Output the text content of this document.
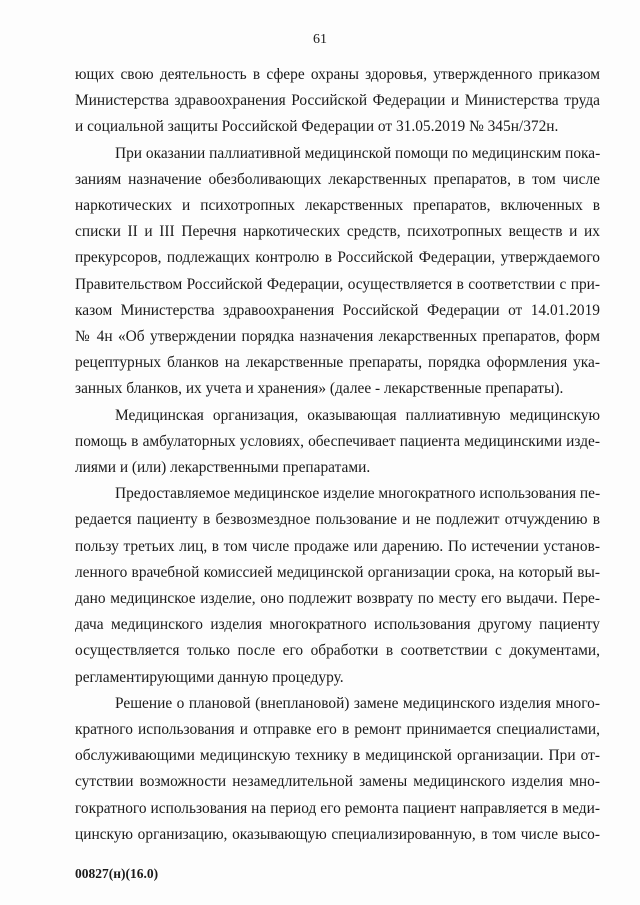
61
ющих свою деятельность в сфере охраны здоровья, утвержденного приказом
Министерства здравоохранения Российской Федерации и Министерства труда
и социальной защиты Российской Федерации от 31.05.2019 № 345н/372н.
При оказании паллиативной медицинской помощи по медицинским пока-
заниям назначение обезболивающих лекарственных препаратов, в том числе
наркотических и психотропных лекарственных препаратов, включенных в
списки II и III Перечня наркотических средств, психотропных веществ и их
прекурсоров, подлежащих контролю в Российской Федерации, утверждаемого
Правительством Российской Федерации, осуществляется в соответствии с при-
казом Министерства здравоохранения Российской Федерации от 14.01.2019
№ 4н «Об утверждении порядка назначения лекарственных препаратов, форм
рецептурных бланков на лекарственные препараты, порядка оформления ука-
занных бланков, их учета и хранения» (далее - лекарственные препараты).
Медицинская организация, оказывающая паллиативную медицинскую
помощь в амбулаторных условиях, обеспечивает пациента медицинскими изде-
лиями и (или) лекарственными препаратами.
Предоставляемое медицинское изделие многократного использования пе-
редается пациенту в безвозмездное пользование и не подлежит отчуждению в
пользу третьих лиц, в том числе продаже или дарению. По истечении установ-
ленного врачебной комиссией медицинской организации срока, на который вы-
дано медицинское изделие, оно подлежит возврату по месту его выдачи. Пере-
дача медицинского изделия многократного использования другому пациенту
осуществляется только после его обработки в соответствии с документами,
регламентирующими данную процедуру.
Решение о плановой (внеплановой) замене медицинского изделия много-
кратного использования и отправке его в ремонт принимается специалистами,
обслуживающими медицинскую технику в медицинской организации. При от-
сутствии возможности незамедлительной замены медицинского изделия мно-
гократного использования на период его ремонта пациент направляется в меди-
цинскую организацию, оказывающую специализированную, в том числе высо-
00827(н)(16.0)
